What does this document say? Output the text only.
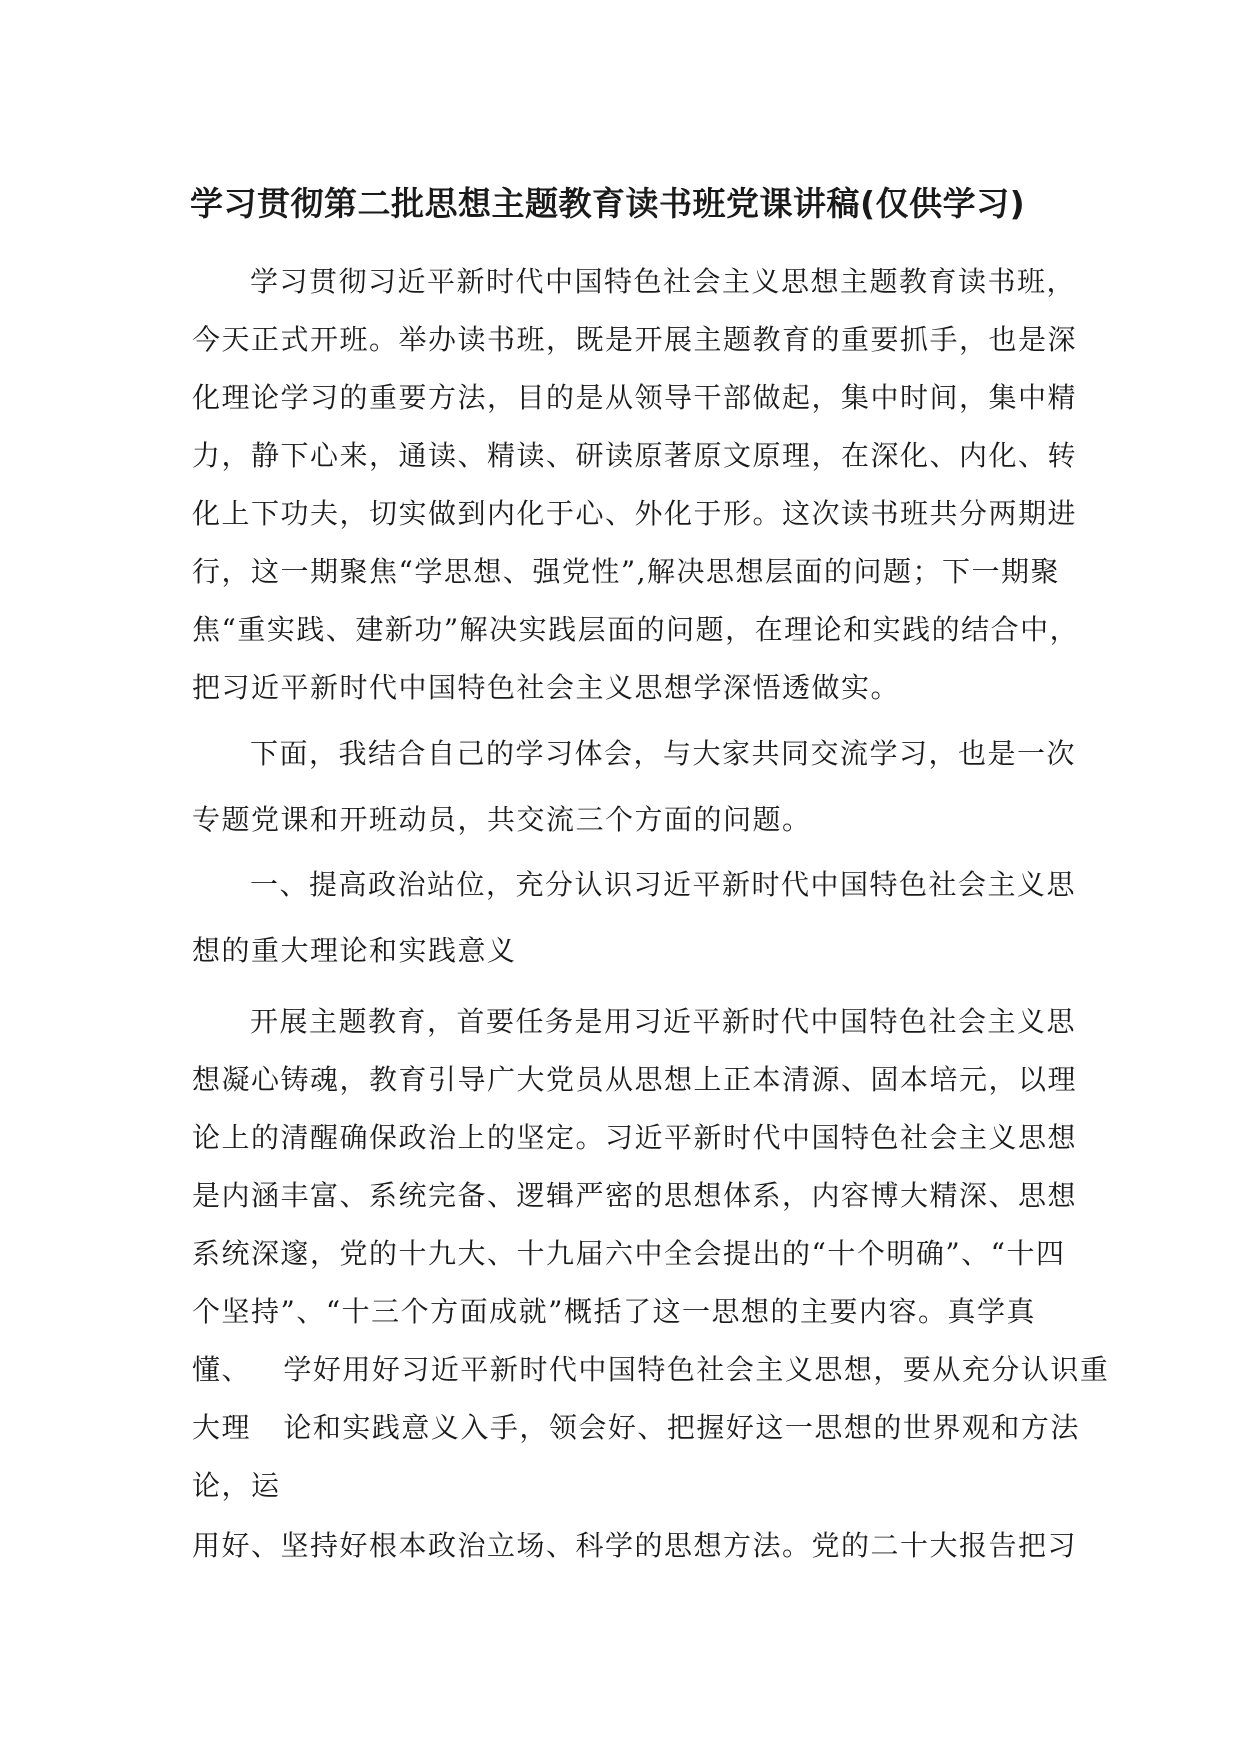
学习贯彻第二批思想主题教育读书班党课讲稿(仅供学习)

学习贯彻习近平新时代中国特色社会主义思想主题教育读书班，

今天正式开班。举办读书班，既是开展主题教育的重要抓手，也是深

化理论学习的重要方法，目的是从领导干部做起，集中时间，集中精

力，静下心来，通读、精读、研读原著原文原理，在深化、内化、转

化上下功夫，切实做到内化于心、外化于形。这次读书班共分两期进

行，这一期聚焦“学思想、强党性”,解决思想层面的问题；下一期聚

焦“重实践、建新功”解决实践层面的问题，在理论和实践的结合中，

把习近平新时代中国特色社会主义思想学深悟透做实。

下面，我结合自己的学习体会，与大家共同交流学习，也是一次

专题党课和开班动员，共交流三个方面的问题。

一、提高政治站位，充分认识习近平新时代中国特色社会主义思

想的重大理论和实践意义

开展主题教育，首要任务是用习近平新时代中国特色社会主义思

想凝心铸魂，教育引导广大党员从思想上正本清源、固本培元，以理

论上的清醒确保政治上的坚定。习近平新时代中国特色社会主义思想

是内涵丰富、系统完备、逻辑严密的思想体系，内容博大精深、思想

系统深邃，党的十九大、十九届六中全会提出的“十个明确”、“十四

个坚持”、“十三个方面成就”概括了这一思想的主要内容。真学真

懂、 学好用好习近平新时代中国特色社会主义思想，要从充分认识重

大理 论和实践意义入手，领会好、把握好这一思想的世界观和方法

论，运

用好、坚持好根本政治立场、科学的思想方法。党的二十大报告把习
